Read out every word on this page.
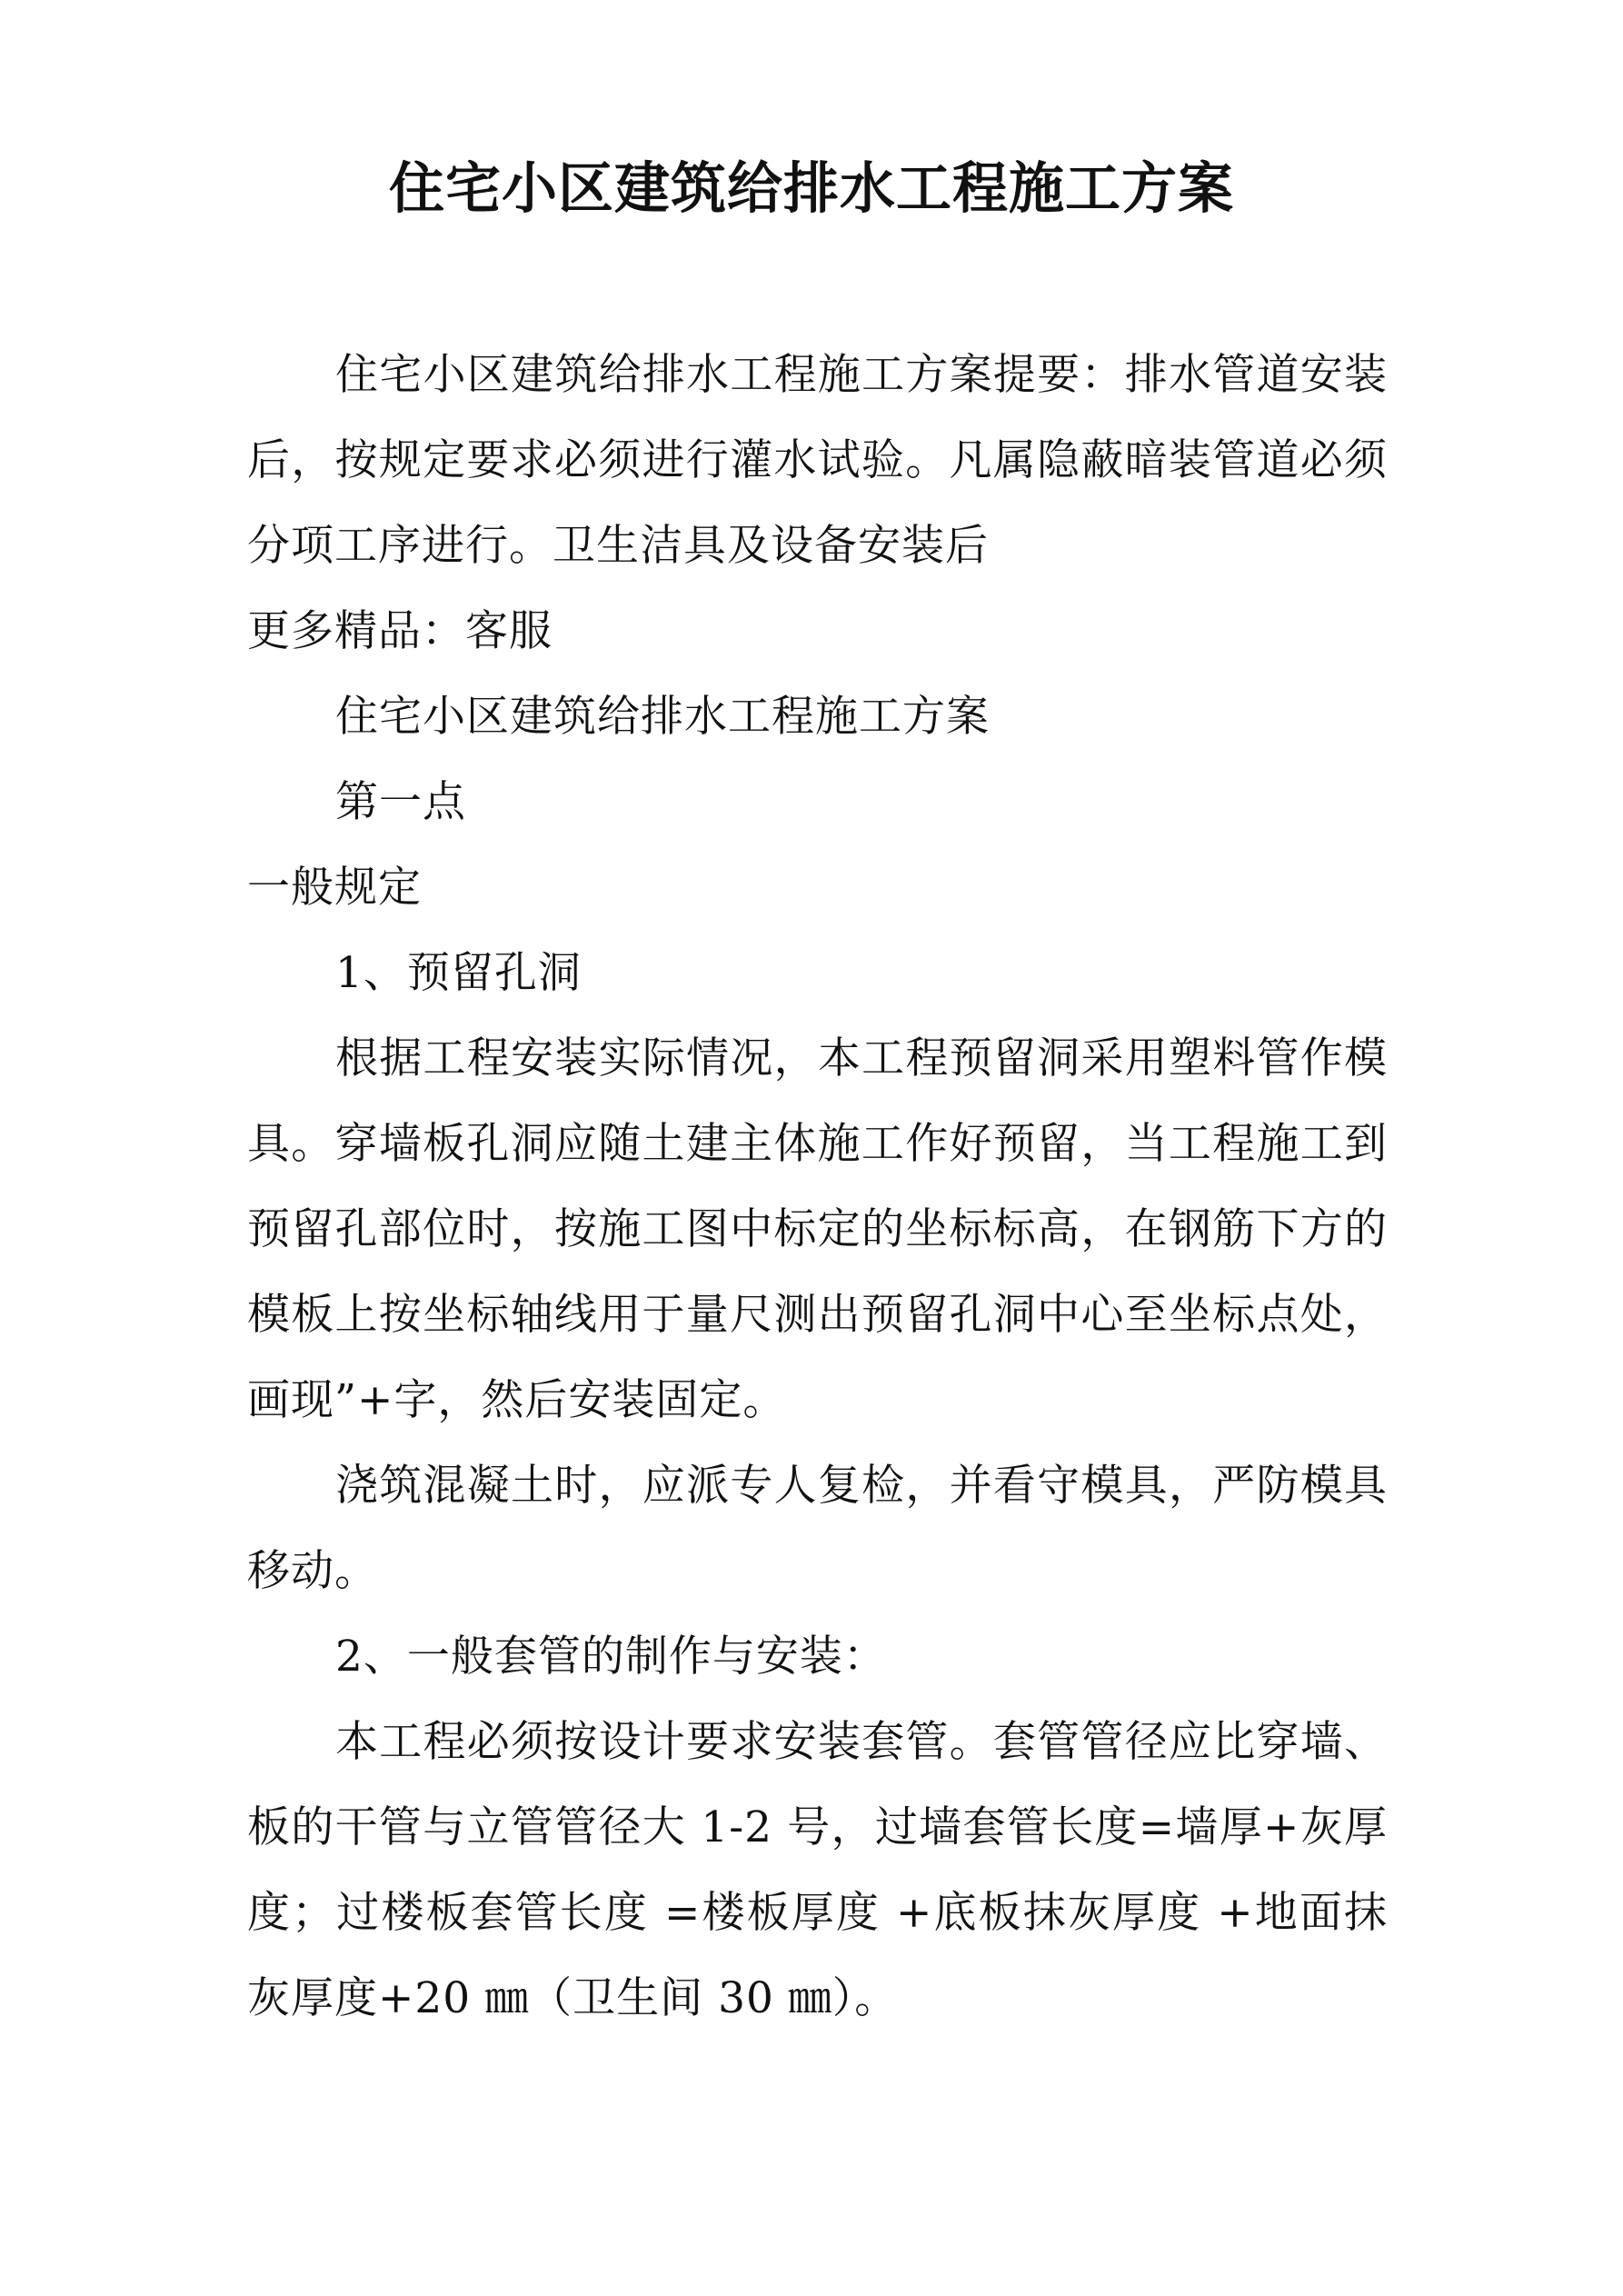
住宅小区建筑给排水工程施工方案

住宅小区建筑给排水工程施工方案提要：排水管道安装后，按规定要求必须进行灌水试验。凡属隐蔽暗装管道必须分项工序进行。卫生洁具及设备安装后

更多精品：客服

住宅小区建筑给排水工程施工方案

第一点

一般规定

1、预留孔洞

根据工程安装实际情况，本工程预留洞采用塑料管作模具。穿墙板孔洞应随土建主体施工作好预留，当工程施工到预留孔部位时，按施工图中标定的坐标标高，在钢筋下方的模板上按坐标轴线用于量尺测出预留孔洞中心至坐标点处，画现”+字，然后安装固定。

浇筑混凝土时，应派专人复检，并看守模具，严防模具移动。

2、一般套管的制作与安装：

本工程必须按设计要求安装套管。套管管径应比穿墙、板的干管与立管管径大 1-2 号，过墙套管长度=墙厚+灰厚度；过楼板套管长度 =楼板厚度 +底板抹灰厚度 +地面抹灰厚度+20 ㎜（卫生间 30 ㎜）。
